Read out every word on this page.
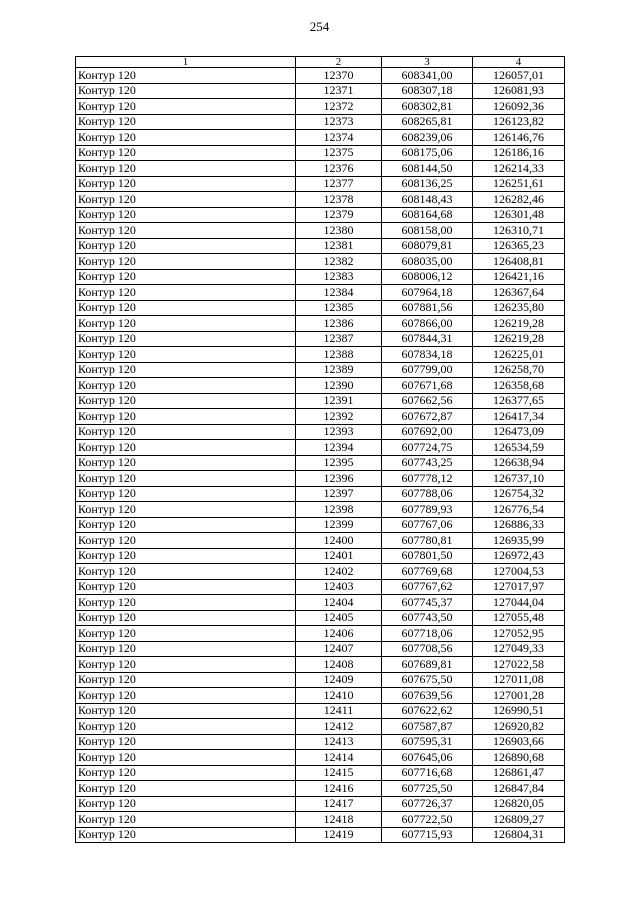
254
1	2	3	4
Контур 120	12370	608341,00	126057,01
Контур 120	12371	608307,18	126081,93
Контур 120	12372	608302,81	126092,36
Контур 120	12373	608265,81	126123,82
Контур 120	12374	608239,06	126146,76
Контур 120	12375	608175,06	126186,16
Контур 120	12376	608144,50	126214,33
Контур 120	12377	608136,25	126251,61
Контур 120	12378	608148,43	126282,46
Контур 120	12379	608164,68	126301,48
Контур 120	12380	608158,00	126310,71
Контур 120	12381	608079,81	126365,23
Контур 120	12382	608035,00	126408,81
Контур 120	12383	608006,12	126421,16
Контур 120	12384	607964,18	126367,64
Контур 120	12385	607881,56	126235,80
Контур 120	12386	607866,00	126219,28
Контур 120	12387	607844,31	126219,28
Контур 120	12388	607834,18	126225,01
Контур 120	12389	607799,00	126258,70
Контур 120	12390	607671,68	126358,68
Контур 120	12391	607662,56	126377,65
Контур 120	12392	607672,87	126417,34
Контур 120	12393	607692,00	126473,09
Контур 120	12394	607724,75	126534,59
Контур 120	12395	607743,25	126638,94
Контур 120	12396	607778,12	126737,10
Контур 120	12397	607788,06	126754,32
Контур 120	12398	607789,93	126776,54
Контур 120	12399	607767,06	126886,33
Контур 120	12400	607780,81	126935,99
Контур 120	12401	607801,50	126972,43
Контур 120	12402	607769,68	127004,53
Контур 120	12403	607767,62	127017,97
Контур 120	12404	607745,37	127044,04
Контур 120	12405	607743,50	127055,48
Контур 120	12406	607718,06	127052,95
Контур 120	12407	607708,56	127049,33
Контур 120	12408	607689,81	127022,58
Контур 120	12409	607675,50	127011,08
Контур 120	12410	607639,56	127001,28
Контур 120	12411	607622,62	126990,51
Контур 120	12412	607587,87	126920,82
Контур 120	12413	607595,31	126903,66
Контур 120	12414	607645,06	126890,68
Контур 120	12415	607716,68	126861,47
Контур 120	12416	607725,50	126847,84
Контур 120	12417	607726,37	126820,05
Контур 120	12418	607722,50	126809,27
Контур 120	12419	607715,93	126804,31
